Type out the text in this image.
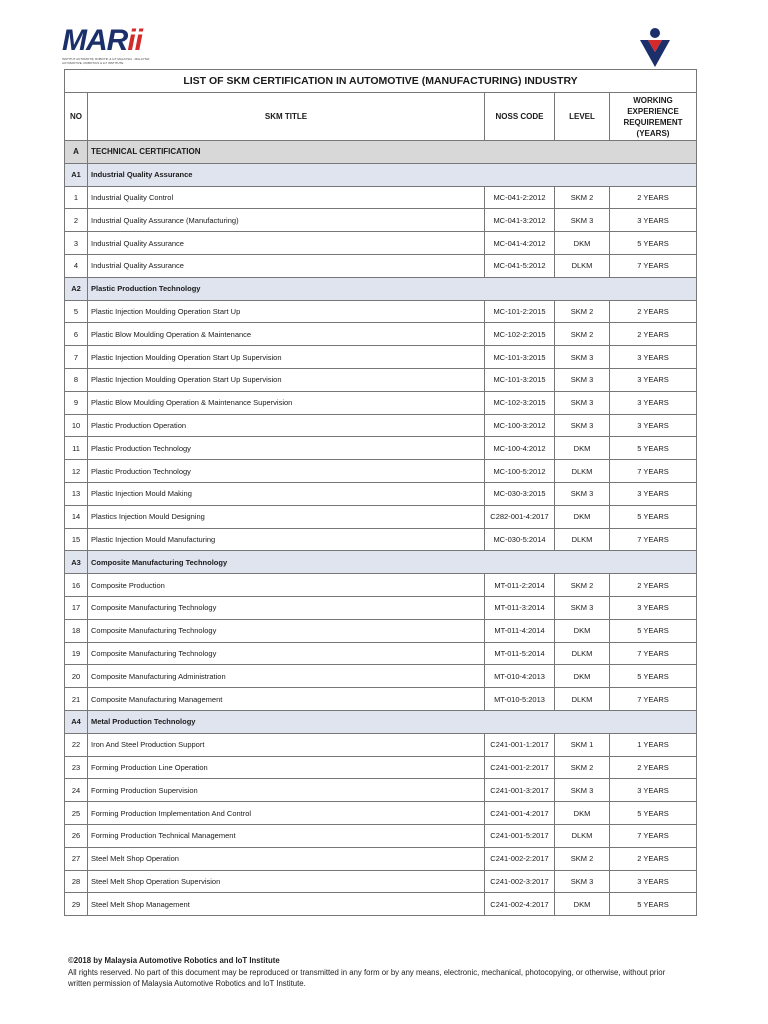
MARii
INSTITUT AUTOMOTIF, ROBOTIK & IoT MALAYSIA · MALAYSIA AUTOMOTIVE, ROBOTICS & IoT INSTITUTE
LIST OF SKM CERTIFICATION IN AUTOMOTIVE (MANUFACTURING) INDUSTRY				
NO	SKM TITLE	NOSS CODE	LEVEL	WORKING EXPERIENCE REQUIREMENT (YEARS)
A	TECHNICAL CERTIFICATION			
A1	Industrial Quality Assurance			
1	Industrial Quality Control	MC-041-2:2012	SKM 2	2 YEARS
2	Industrial Quality Assurance (Manufacturing)	MC-041-3:2012	SKM 3	3 YEARS
3	Industrial Quality Assurance	MC-041-4:2012	DKM	5 YEARS
4	Industrial Quality Assurance	MC-041-5:2012	DLKM	7 YEARS
A2	Plastic Production Technology			
5	Plastic Injection Moulding Operation Start Up	MC-101-2:2015	SKM 2	2 YEARS
6	Plastic Blow Moulding Operation & Maintenance	MC-102-2:2015	SKM 2	2 YEARS
7	Plastic Injection Moulding Operation Start Up Supervision	MC-101-3:2015	SKM 3	3 YEARS
8	Plastic Injection Moulding Operation Start Up Supervision	MC-101-3:2015	SKM 3	3 YEARS
9	Plastic Blow Moulding Operation & Maintenance Supervision	MC-102-3:2015	SKM 3	3 YEARS
10	Plastic Production Operation	MC-100-3:2012	SKM 3	3 YEARS
11	Plastic Production Technology	MC-100-4:2012	DKM	5 YEARS
12	Plastic Production Technology	MC-100-5:2012	DLKM	7 YEARS
13	Plastic Injection Mould Making	MC-030-3:2015	SKM 3	3 YEARS
14	Plastics Injection Mould Designing	C282-001-4:2017	DKM	5 YEARS
15	Plastic Injection Mould Manufacturing	MC-030-5:2014	DLKM	7 YEARS
A3	Composite Manufacturing Technology			
16	Composite Production	MT-011-2:2014	SKM 2	2 YEARS
17	Composite Manufacturing Technology	MT-011-3:2014	SKM 3	3 YEARS
18	Composite Manufacturing Technology	MT-011-4:2014	DKM	5 YEARS
19	Composite Manufacturing Technology	MT-011-5:2014	DLKM	7 YEARS
20	Composite Manufacturing Administration	MT-010-4:2013	DKM	5 YEARS
21	Composite Manufacturing Management	MT-010-5:2013	DLKM	7 YEARS
A4	Metal Production Technology			
22	Iron And Steel Production Support	C241-001-1:2017	SKM 1	1 YEARS
23	Forming Production Line Operation	C241-001-2:2017	SKM 2	2 YEARS
24	Forming Production Supervision	C241-001-3:2017	SKM 3	3 YEARS
25	Forming Production Implementation And Control	C241-001-4:2017	DKM	5 YEARS
26	Forming Production Technical Management	C241-001-5:2017	DLKM	7 YEARS
27	Steel Melt Shop Operation	C241-002-2:2017	SKM 2	2 YEARS
28	Steel Melt Shop Operation Supervision	C241-002-3:2017	SKM 3	3 YEARS
29	Steel Melt Shop Management	C241-002-4:2017	DKM	5 YEARS
©2018 by Malaysia Automotive Robotics and IoT Institute
All rights reserved. No part of this document may be reproduced or transmitted in any form or by any means, electronic, mechanical, photocopying, or otherwise, without prior written permission of Malaysia Automotive Robotics and IoT Institute.
